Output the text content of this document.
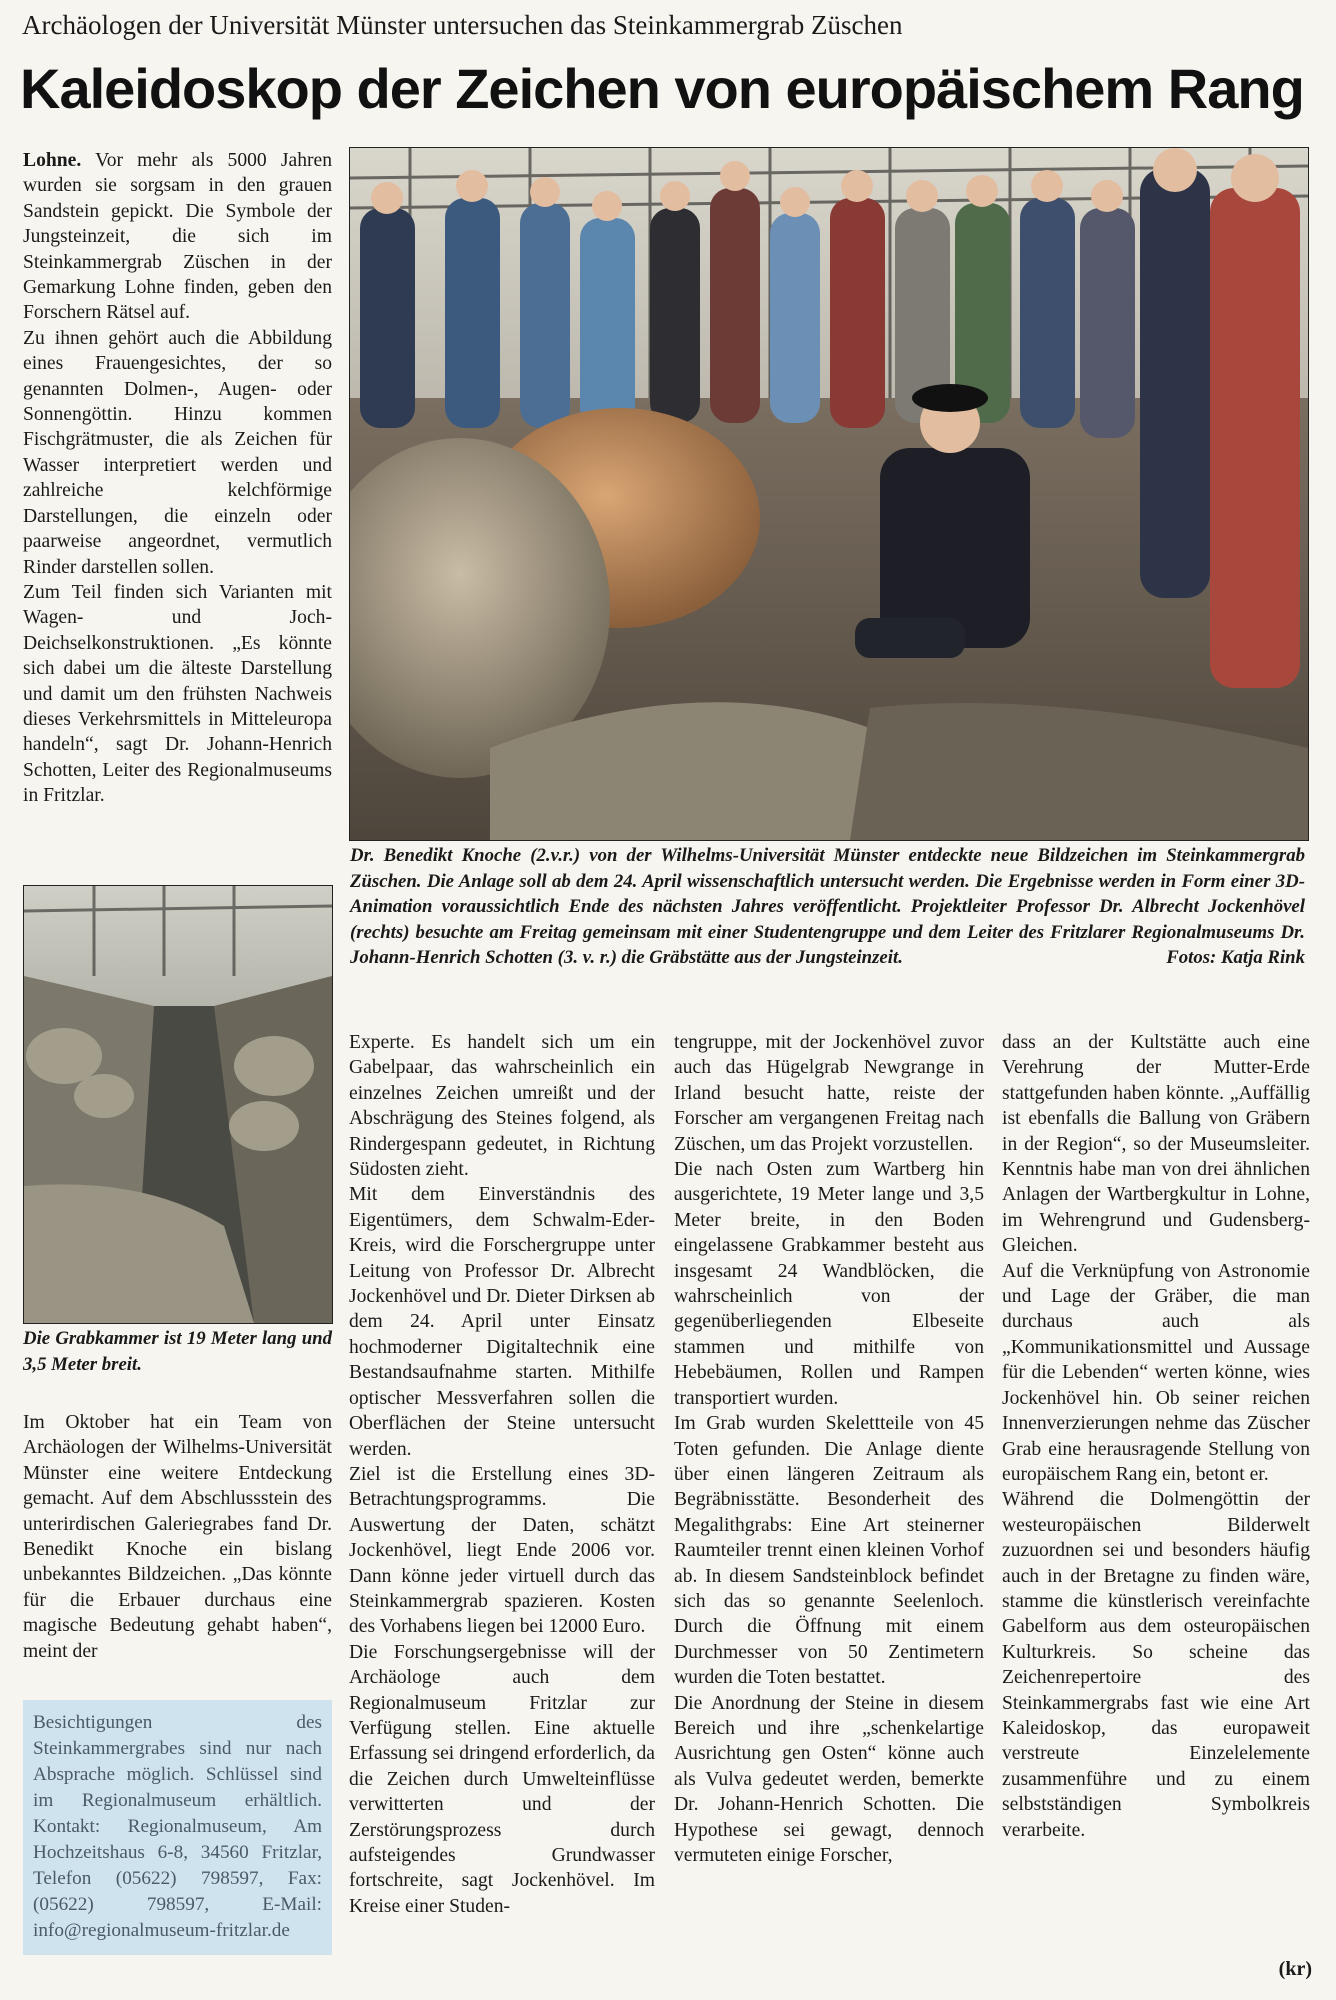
Archäologen der Universität Münster untersuchen das Steinkammergrab Züschen
Kaleidoskop der Zeichen von europäischem Rang

Lohne. Vor mehr als 5000 Jahren wurden sie sorgsam in den grauen Sandstein gepickt. Die Symbole der Jungsteinzeit, die sich im Steinkammergrab Züschen in der Gemarkung Lohne finden, geben den Forschern Rätsel auf.

Zu ihnen gehört auch die Abbildung eines Frauengesichtes, der so genannten Dolmen-, Augen- oder Sonnengöttin. Hinzu kommen Fischgrätmuster, die als Zeichen für Wasser interpretiert werden und zahlreiche kelchförmige Darstellungen, die einzeln oder paarweise angeordnet, vermutlich Rinder darstellen sollen.

Zum Teil finden sich Varianten mit Wagen- und Joch-Deichselkonstruktionen. „Es könnte sich dabei um die älteste Darstellung und damit um den frühsten Nachweis dieses Verkehrsmittels in Mitteleuropa handeln“, sagt Dr. Johann-Henrich Schotten, Leiter des Regionalmuseums in Fritzlar.

Dr. Benedikt Knoche (2.v.r.) von der Wilhelms-Universität Münster entdeckte neue Bildzeichen im Steinkammergrab Züschen. Die Anlage soll ab dem 24. April wissenschaftlich untersucht werden. Die Ergebnisse werden in Form einer 3D-Animation voraussichtlich Ende des nächsten Jahres veröffentlicht. Projektleiter Professor Dr. Albrecht Jockenhövel (rechts) besuchte am Freitag gemeinsam mit einer Studentengruppe und dem Leiter des Fritzlarer Regionalmuseums Dr. Johann-Henrich Schotten (3. v. r.) die Gräbstätte aus der Jungsteinzeit.	Fotos: Katja Rink
Die Grabkammer ist 19 Meter lang und 3,5 Meter breit.

Im Oktober hat ein Team von Archäologen der Wilhelms-Universität Münster eine weitere Entdeckung gemacht. Auf dem Abschlussstein des unterirdischen Galeriegrabes fand Dr. Benedikt Knoche ein bislang unbekanntes Bildzeichen. „Das könnte für die Erbauer durchaus eine magische Bedeutung gehabt haben“, meint der

Besichtigungen des Steinkammergrabes sind nur nach Absprache möglich. Schlüssel sind im Regionalmuseum erhältlich. Kontakt: Regionalmuseum, Am Hochzeitshaus 6-8, 34560 Fritzlar, Telefon (05622) 798597, Fax: (05622) 798597, E-Mail: info@regionalmuseum-fritzlar.de

Experte. Es handelt sich um ein Gabelpaar, das wahrscheinlich ein einzelnes Zeichen umreißt und der Abschrägung des Steines folgend, als Rindergespann gedeutet, in Richtung Südosten zieht.

Mit dem Einverständnis des Eigentümers, dem Schwalm-Eder-Kreis, wird die Forschergruppe unter Leitung von Professor Dr. Albrecht Jockenhövel und Dr. Dieter Dirksen ab dem 24. April unter Einsatz hochmoderner Digitaltechnik eine Bestandsaufnahme starten. Mithilfe optischer Messverfahren sollen die Oberflächen der Steine untersucht werden.

Ziel ist die Erstellung eines 3D-Betrachtungsprogramms. Die Auswertung der Daten, schätzt Jockenhövel, liegt Ende 2006 vor. Dann könne jeder virtuell durch das Steinkammergrab spazieren. Kosten des Vorhabens liegen bei 12000 Euro.

Die Forschungsergebnisse will der Archäologe auch dem Regionalmuseum Fritzlar zur Verfügung stellen. Eine aktuelle Erfassung sei dringend erforderlich, da die Zeichen durch Umwelteinflüsse verwitterten und der Zerstörungsprozess durch aufsteigendes Grundwasser fortschreite, sagt Jockenhövel. Im Kreise einer Studen-

tengruppe, mit der Jockenhövel zuvor auch das Hügelgrab Newgrange in Irland besucht hatte, reiste der Forscher am vergangenen Freitag nach Züschen, um das Projekt vorzustellen.

Die nach Osten zum Wartberg hin ausgerichtete, 19 Meter lange und 3,5 Meter breite, in den Boden eingelassene Grabkammer besteht aus insgesamt 24 Wandblöcken, die wahrscheinlich von der gegenüberliegenden Elbeseite stammen und mithilfe von Hebebäumen, Rollen und Rampen transportiert wurden.

Im Grab wurden Skelettteile von 45 Toten gefunden. Die Anlage diente über einen längeren Zeitraum als Begräbnisstätte. Besonderheit des Megalithgrabs: Eine Art steinerner Raumteiler trennt einen kleinen Vorhof ab. In diesem Sandsteinblock befindet sich das so genannte Seelenloch. Durch die Öffnung mit einem Durchmesser von 50 Zentimetern wurden die Toten bestattet.

Die Anordnung der Steine in diesem Bereich und ihre „schenkelartige Ausrichtung gen Osten“ könne auch als Vulva gedeutet werden, bemerkte Dr. Johann-Henrich Schotten. Die Hypothese sei gewagt, dennoch vermuteten einige Forscher,

dass an der Kultstätte auch eine Verehrung der Mutter-Erde stattgefunden haben könnte. „Auffällig ist ebenfalls die Ballung von Gräbern in der Region“, so der Museumsleiter. Kenntnis habe man von drei ähnlichen Anlagen der Wartbergkultur in Lohne, im Wehrengrund und Gudensberg-Gleichen.

Auf die Verknüpfung von Astronomie und Lage der Gräber, die man durchaus auch als „Kommunikationsmittel und Aussage für die Lebenden“ werten könne, wies Jockenhövel hin. Ob seiner reichen Innenverzierungen nehme das Züscher Grab eine herausragende Stellung von europäischem Rang ein, betont er.

Während die Dolmengöttin der westeuropäischen Bilderwelt zuzuordnen sei und besonders häufig auch in der Bretagne zu finden wäre, stamme die künstlerisch vereinfachte Gabelform aus dem osteuropäischen Kulturkreis. So scheine das Zeichenrepertoire des Steinkammergrabs fast wie eine Art Kaleidoskop, das europaweit verstreute Einzelelemente zusammenführe und zu einem selbstständigen Symbolkreis verarbeite.

(kr)
